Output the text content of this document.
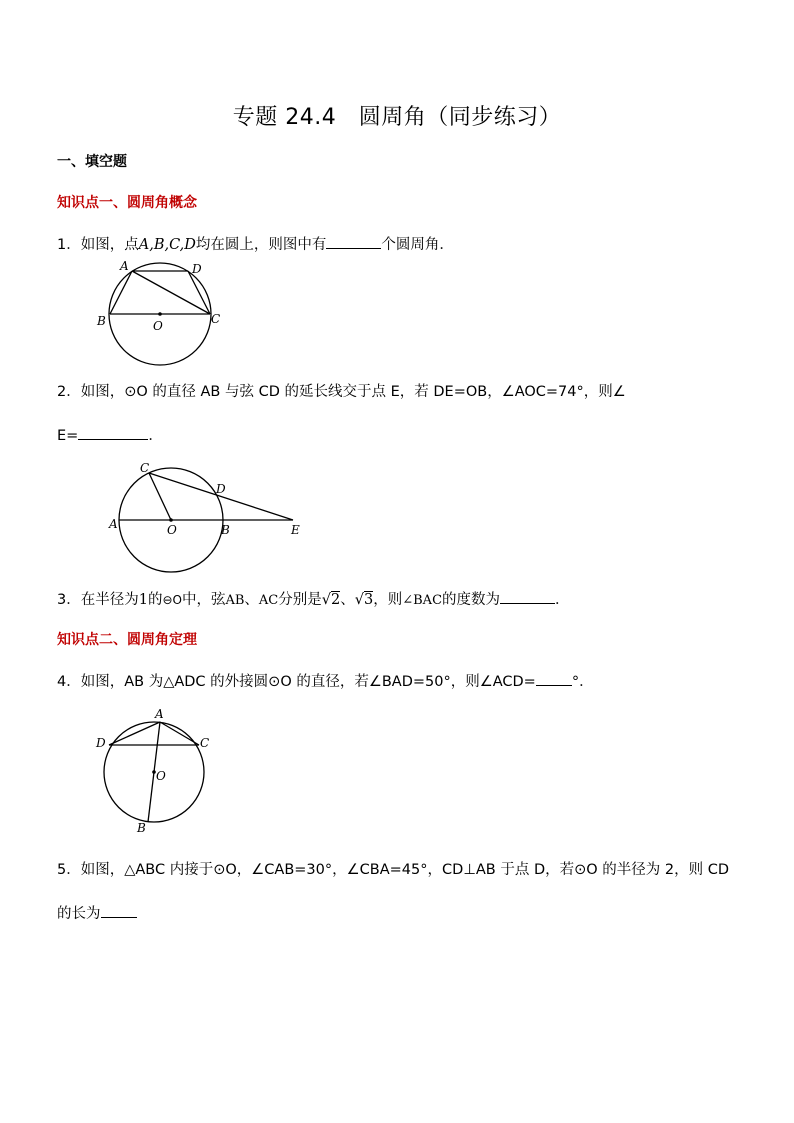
专题 24.4　圆周角（同步练习）
一、填空题
知识点一、圆周角概念
1．如图，点A,B,C,D均在圆上，则图中有	个圆周角．
A	D
B	C
O
2．如图，⊙O 的直径 AB 与弦 CD 的延长线交于点 E，若 DE=OB，∠AOC=74°，则∠
E=	．
C
D
A	O	B	E
3．在半径为1的⊖O中，弦AB、AC分别是√2、√3，则∠BAC的度数为	．
知识点二、圆周角定理
4．如图，AB 为△ADC 的外接圆⊙O 的直径，若∠BAD=50°，则∠ACD= °．
A
D	C
O
B
5．如图，△ABC 内接于⊙O，∠CAB=30°，∠CBA=45°，CD⊥AB 于点 D，若⊙O 的半径为 2，则 CD
的长为
